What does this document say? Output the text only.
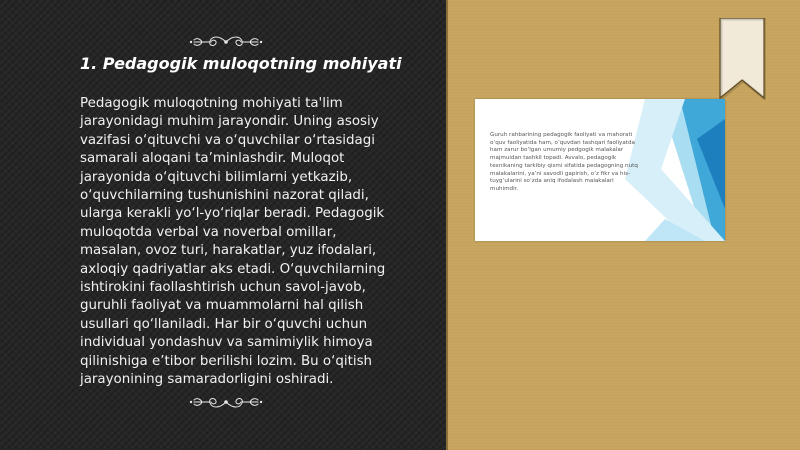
1. Pedagogik muloqotning mohiyati
Pedagogik muloqotning mohiyati ta'lim
jarayonidagi muhim jarayondir. Uning asosiy
vazifasi o‘qituvchi va o‘quvchilar o‘rtasidagi
samarali aloqani ta’minlashdir. Muloqot
jarayonida o‘qituvchi bilimlarni yetkazib,
o‘quvchilarning tushunishini nazorat qiladi,
ularga kerakli yo‘l-yo‘riqlar beradi. Pedagogik
muloqotda verbal va noverbal omillar,
masalan, ovoz turi, harakatlar, yuz ifodalari,
axloqiy qadriyatlar aks etadi. O‘quvchilarning
ishtirokini faollashtirish uchun savol-javob,
guruhli faoliyat va muammolarni hal qilish
usullari qo‘llaniladi. Har bir o‘quvchi uchun
individual yondashuv va samimiylik himoya
qilinishiga e’tibor berilishi lozim. Bu o‘qitish
jarayonining samaradorligini oshiradi.
Guruh rahbarining pedagogik faoliyati va mahorati
o‘quv faoliyatida ham, o‘quvdan tashqari faoliyatda
ham zarur bo‘lgan umumiy pedgogik malakalar
majmuidan tashkil topadi. Avvalo, pedagogik
texnikaning tarkibiy qismi sifatida pedagogning nutq
malakalarini, ya’ni savodli gapirish, o‘z fikr va his-
tuyg‘ularini so‘zda aniq ifodalash malakalari
muhimdir.
